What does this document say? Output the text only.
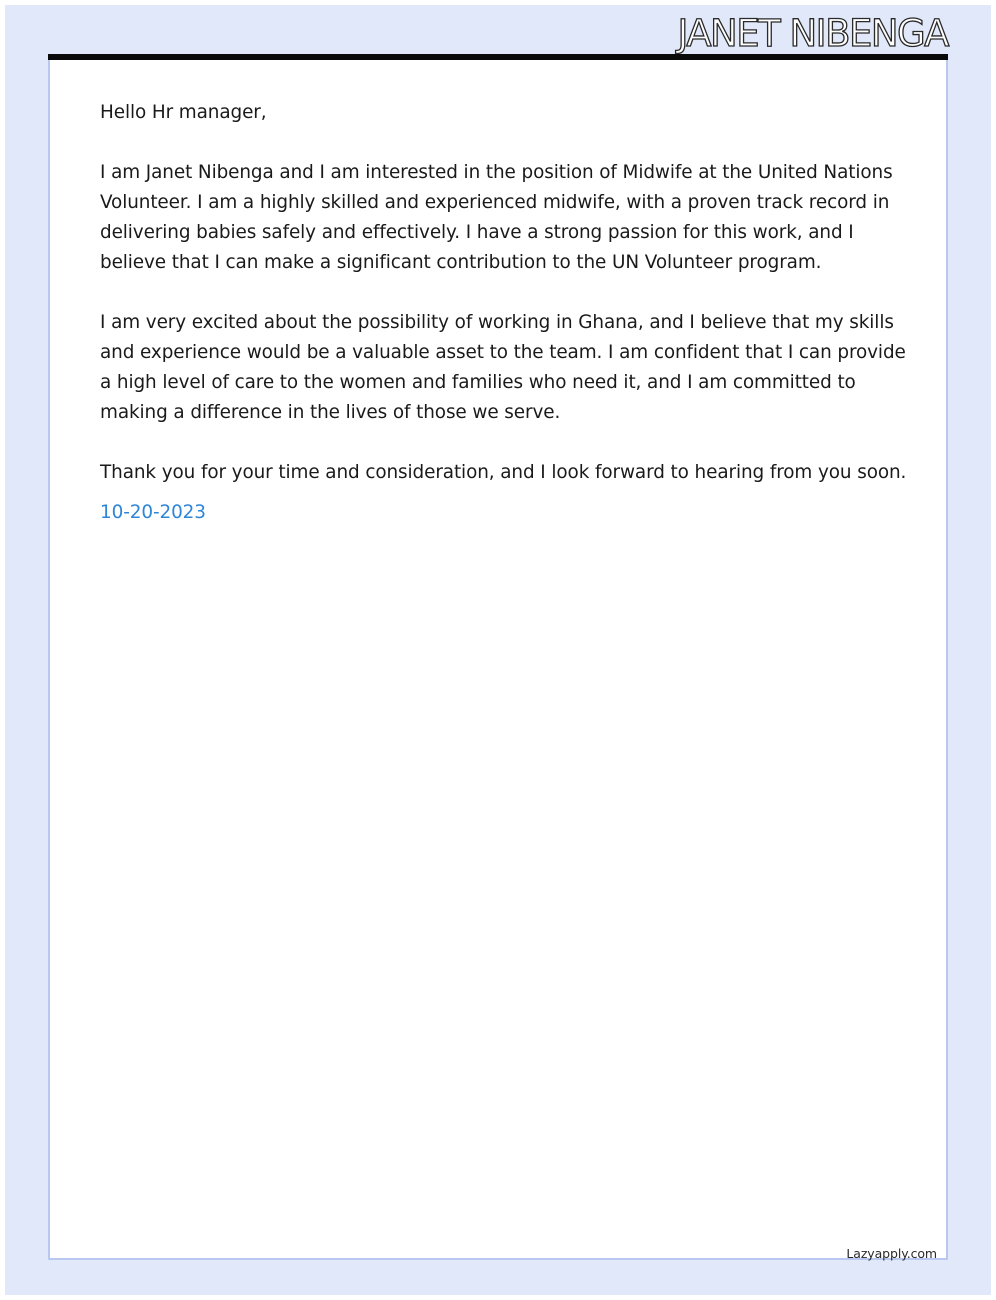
JANET NIBENGA

Hello Hr manager,

I am Janet Nibenga and I am interested in the position of Midwife at the United Nations Volunteer. I am a highly skilled and experienced midwife, with a proven track record in delivering babies safely and effectively. I have a strong passion for this work, and I believe that I can make a significant contribution to the UN Volunteer program.

I am very excited about the possibility of working in Ghana, and I believe that my skills and experience would be a valuable asset to the team. I am confident that I can provide a high level of care to the women and families who need it, and I am committed to making a difference in the lives of those we serve.

Thank you for your time and consideration, and I look forward to hearing from you soon.

10-20-2023

Lazyapply.com
